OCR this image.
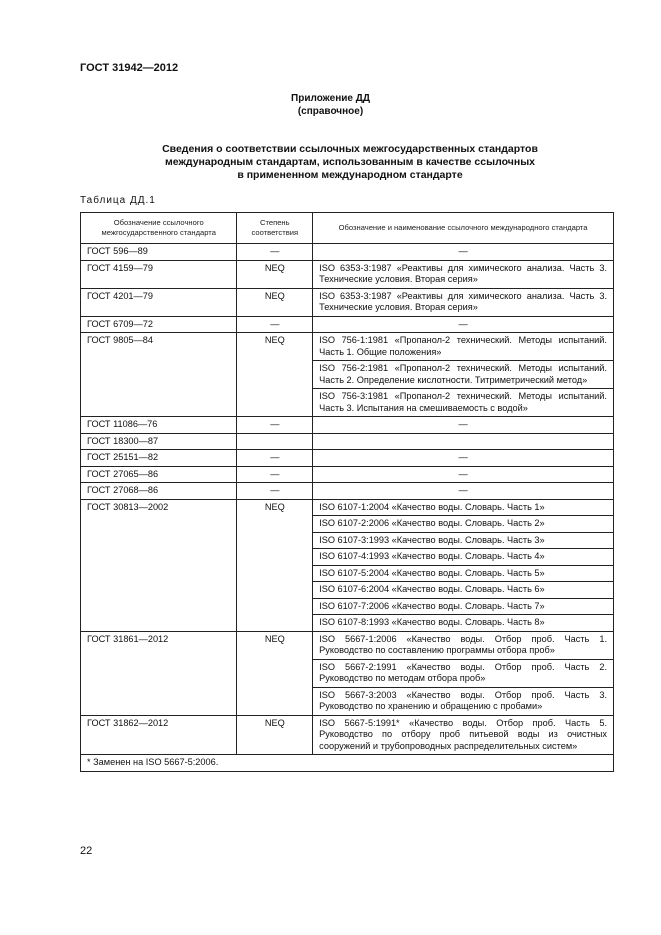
ГОСТ 31942—2012
Приложение ДД
(справочное)
Сведения о соответствии ссылочных межгосударственных стандартов
международным стандартам, использованным в качестве ссылочных
в примененном международном стандарте
Таблица ДД.1
Обозначение ссылочного межгосударственного стандарта	Степень соответствия	Обозначение и наименование ссылочного международного стандарта
ГОСТ 596—89	—	—
ГОСТ 4159—79	NEQ	ISO 6353-3:1987 «Реактивы для химического анализа. Часть 3. Технические условия. Вторая серия»
ГОСТ 4201—79	NEQ	ISO 6353-3:1987 «Реактивы для химического анализа. Часть 3. Технические условия. Вторая серия»
ГОСТ 6709—72	—	—
ГОСТ 9805—84	NEQ	ISO 756-1:1981 «Пропанол-2 технический. Методы испытаний. Часть 1. Общие положения»
		ISO 756-2:1981 «Пропанол-2 технический. Методы испытаний. Часть 2. Определение кислотности. Титриметрический метод»
		ISO 756-3:1981 «Пропанол-2 технический. Методы испытаний. Часть 3. Испытания на смешиваемость с водой»
ГОСТ 11086—76	—	—
ГОСТ 18300—87		
ГОСТ 25151—82	—	—
ГОСТ 27065—86	—	—
ГОСТ 27068—86	—	—
ГОСТ 30813—2002	NEQ	ISO 6107-1:2004 «Качество воды. Словарь. Часть 1»
		ISO 6107-2:2006 «Качество воды. Словарь. Часть 2»
		ISO 6107-3:1993 «Качество воды. Словарь. Часть 3»
		ISO 6107-4:1993 «Качество воды. Словарь. Часть 4»
		ISO 6107-5:2004 «Качество воды. Словарь. Часть 5»
		ISO 6107-6:2004 «Качество воды. Словарь. Часть 6»
		ISO 6107-7:2006 «Качество воды. Словарь. Часть 7»
		ISO 6107-8:1993 «Качество воды. Словарь. Часть 8»
ГОСТ 31861—2012	NEQ	ISO 5667-1:2006 «Качество воды. Отбор проб. Часть 1. Руководство по составлению программы отбора проб»
		ISO 5667-2:1991 «Качество воды. Отбор проб. Часть 2. Руководство по методам отбора проб»
		ISO 5667-3:2003 «Качество воды. Отбор проб. Часть 3. Руководство по хранению и обращению с пробами»
ГОСТ 31862—2012	NEQ	ISO 5667-5:1991* «Качество воды. Отбор проб. Часть 5. Руководство по отбору проб питьевой воды из очистных сооружений и трубопроводных распределительных систем»
* Заменен на ISO 5667-5:2006.		
22
